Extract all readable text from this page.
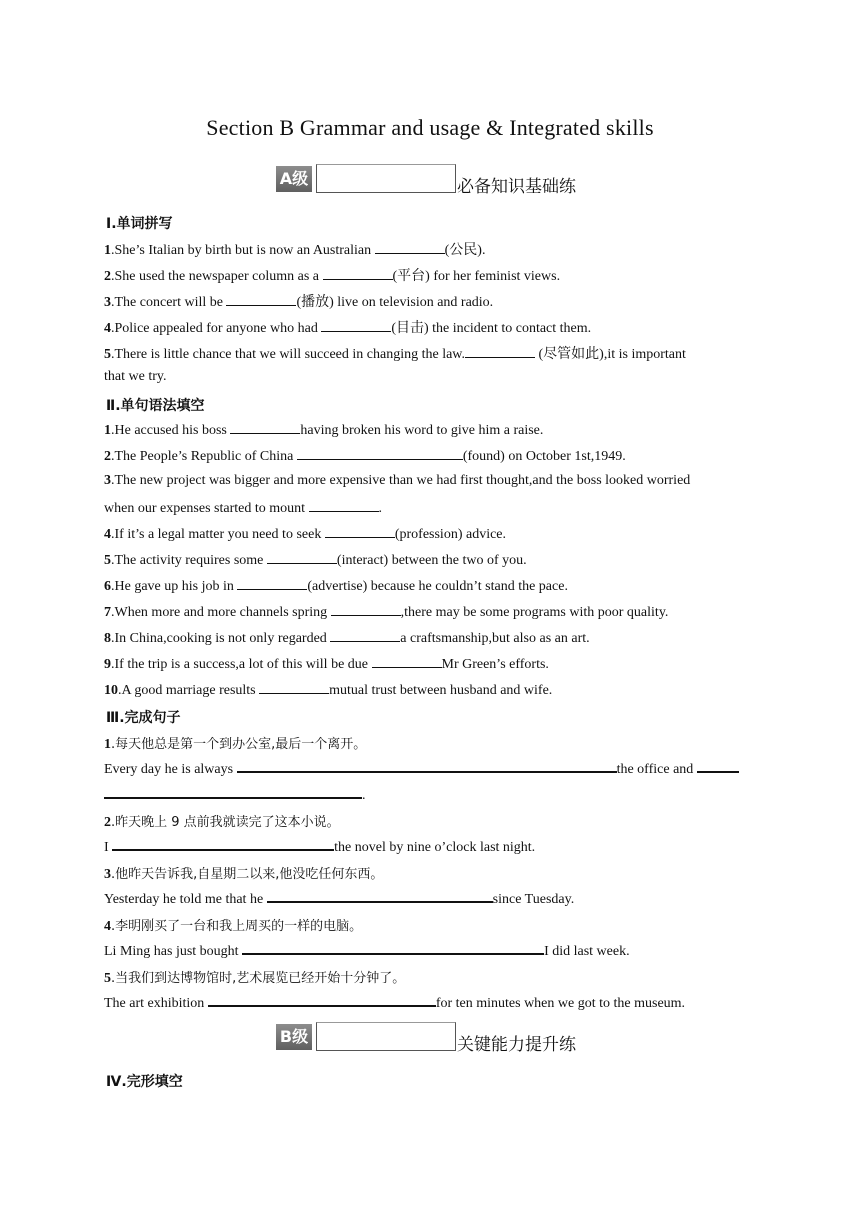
Section B Grammar and usage & Integrated skills
A级	必备知识基础练
Ⅰ.单词拼写
1.She’s Italian by birth but is now an Australian	(公民).
2.She used the newspaper column as a	(平台) for her feminist views.
3.The concert will be	(播放) live on television and radio.
4.Police appealed for anyone who had	(目击) the incident to contact them.
5.There is little chance that we will succeed in changing the law.	(尽管如此),it is important
that we try.
Ⅱ.单句语法填空
1.He accused his boss	having broken his word to give him a raise.
2.The People’s Republic of China	(found) on October 1st,1949.
3.The new project was bigger and more expensive than we had first thought,and the boss looked worried
when our expenses started to mount	.
4.If it’s a legal matter you need to seek	(profession) advice.
5.The activity requires some	(interact) between the two of you.
6.He gave up his job in	(advertise) because he couldn’t stand the pace.
7.When more and more channels spring	,there may be some programs with poor quality.
8.In China,cooking is not only regarded	a craftsmanship,but also as an art.
9.If the trip is a success,a lot of this will be due	Mr Green’s efforts.
10.A good marriage results	mutual trust between husband and wife.
Ⅲ.完成句子
1.每天他总是第一个到办公室,最后一个离开。
Every day he is always	the office and
.
2.昨天晚上 9 点前我就读完了这本小说。
I	the novel by nine o’clock last night.
3.他昨天告诉我,自星期二以来,他没吃任何东西。
Yesterday he told me that he	since Tuesday.
4.李明刚买了一台和我上周买的一样的电脑。
Li Ming has just bought	I did last week.
5.当我们到达博物馆时,艺术展览已经开始十分钟了。
The art exhibition	for ten minutes when we got to the museum.
B级	关键能力提升练
Ⅳ.完形填空
